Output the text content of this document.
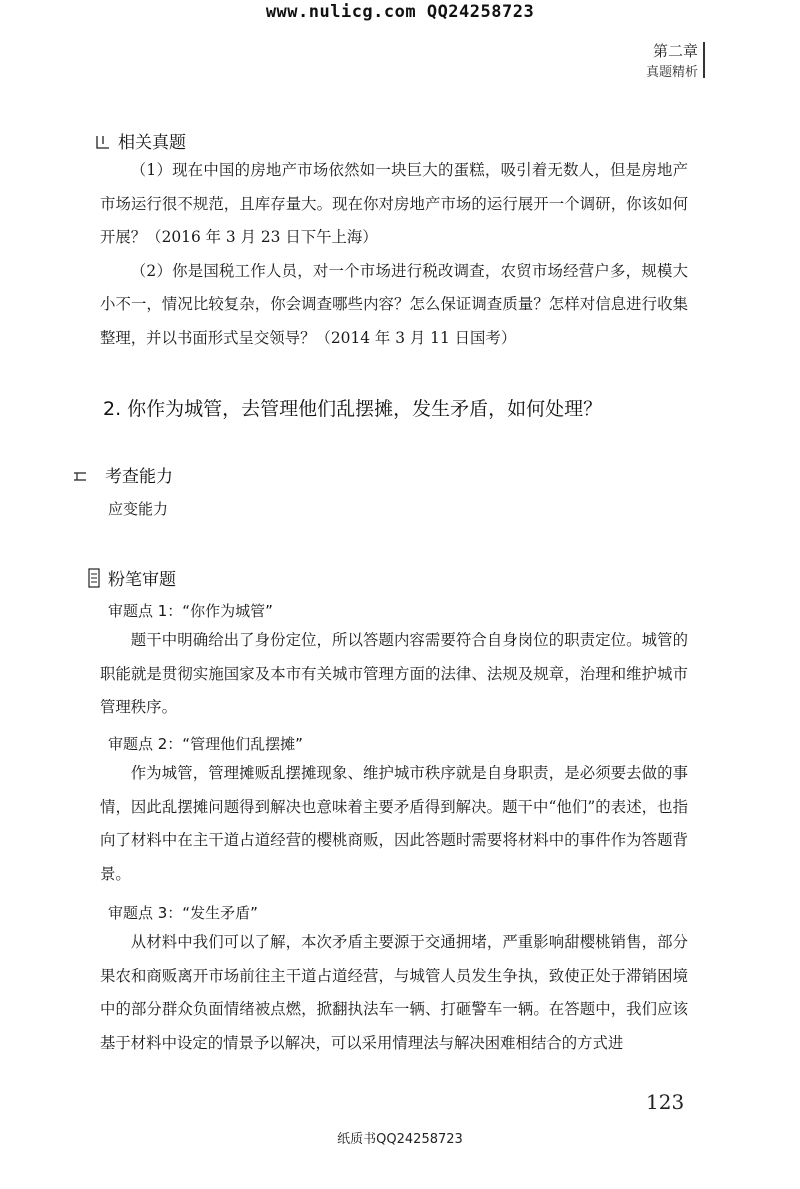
www.nulicg.com QQ24258723
第二章
真题精析
相关真题

（1）现在中国的房地产市场依然如一块巨大的蛋糕，吸引着无数人，但是房地产市场运行很不规范，且库存量大。现在你对房地产市场的运行展开一个调研，你该如何开展？（2016 年 3 月 23 日下午上海）

（2）你是国税工作人员，对一个市场进行税改调查，农贸市场经营户多，规模大小不一，情况比较复杂，你会调查哪些内容？怎么保证调查质量？怎样对信息进行收集整理，并以书面形式呈交领导？（2014 年 3 月 11 日国考）

2. 你作为城管，去管理他们乱摆摊，发生矛盾，如何处理？
考查能力
应变能力
粉笔审题
审题点 1：“你作为城管”

题干中明确给出了身份定位，所以答题内容需要符合自身岗位的职责定位。城管的职能就是贯彻实施国家及本市有关城市管理方面的法律、法规及规章，治理和维护城市管理秩序。

审题点 2：“管理他们乱摆摊”

作为城管，管理摊贩乱摆摊现象、维护城市秩序就是自身职责，是必须要去做的事情，因此乱摆摊问题得到解决也意味着主要矛盾得到解决。题干中“他们”的表述，也指向了材料中在主干道占道经营的樱桃商贩，因此答题时需要将材料中的事件作为答题背景。

审题点 3：“发生矛盾”

从材料中我们可以了解，本次矛盾主要源于交通拥堵，严重影响甜樱桃销售，部分果农和商贩离开市场前往主干道占道经营，与城管人员发生争执，致使正处于滞销困境中的部分群众负面情绪被点燃，掀翻执法车一辆、打砸警车一辆。在答题中，我们应该基于材料中设定的情景予以解决，可以采用情理法与解决困难相结合的方式进

123
纸质书QQ24258723
